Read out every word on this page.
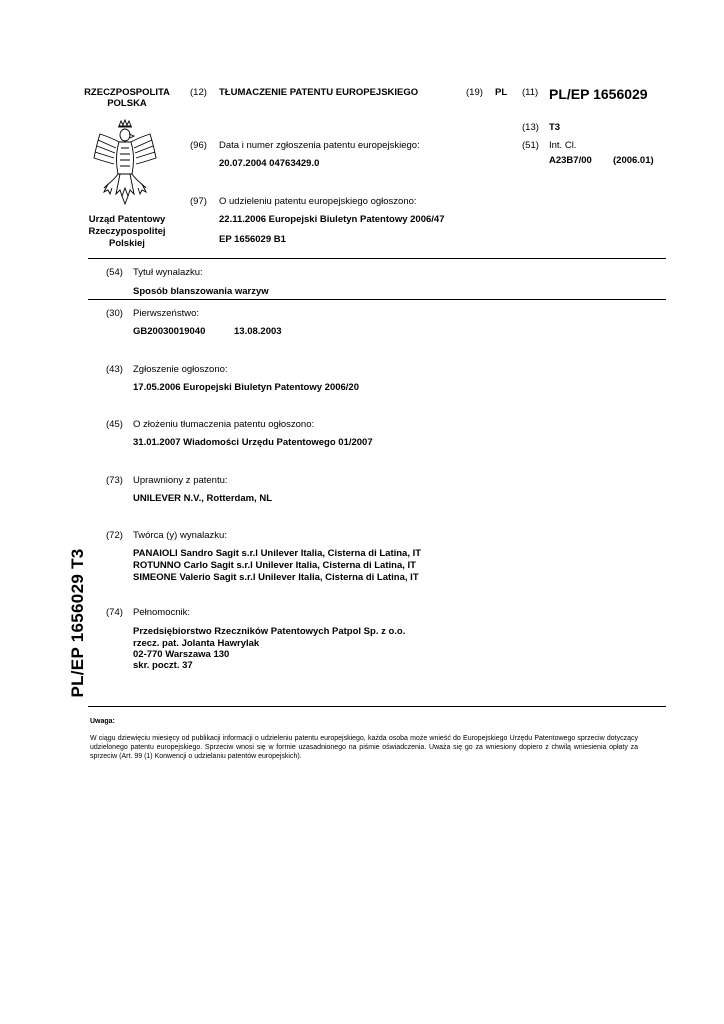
RZECZPOSPOLITA
POLSKA
Urząd Patentowy
Rzeczypospolitej
Polskiej
(12) TŁUMACZENIE PATENTU EUROPEJSKIEGO	(19) PL (11) PL/EP 1656029
(13) T3
(96) Data i numer zgłoszenia patentu europejskiego:
20.07.2004 04763429.0
(51) Int. Cl.
A23B7/00 (2006.01)
(97) O udzieleniu patentu europejskiego ogłoszono:
22.11.2006 Europejski Biuletyn Patentowy 2006/47
EP 1656029 B1
(54) Tytuł wynalazku:
Sposób blanszowania warzyw
(30) Pierwszeństwo:
GB20030019040	13.08.2003
(43) Zgłoszenie ogłoszono:
17.05.2006 Europejski Biuletyn Patentowy 2006/20
(45) O złożeniu tłumaczenia patentu ogłoszono:
31.01.2007 Wiadomości Urzędu Patentowego 01/2007
(73) Uprawniony z patentu:
UNILEVER N.V., Rotterdam, NL
(72) Twórca (y) wynalazku:
PANAIOLI Sandro Sagit s.r.l Unilever Italia, Cisterna di Latina, IT
ROTUNNO Carlo Sagit s.r.l Unilever Italia, Cisterna di Latina, IT
SIMEONE Valerio Sagit s.r.l Unilever Italia, Cisterna di Latina, IT
(74) Pełnomocnik:
Przedsiębiorstwo Rzeczników Patentowych Patpol Sp. z o.o.
rzecz. pat. Jolanta Hawrylak
02-770 Warszawa 130
skr. poczt. 37
PL/EP 1656029 T3
Uwaga:
W ciągu dziewięciu miesięcy od publikacji informacji o udzieleniu patentu europejskiego, każda osoba może wnieść do Europejskiego Urzędu Patentowego sprzeciw dotyczący udzielonego patentu europejskiego. Sprzeciw wnosi się w formie uzasadnionego na piśmie oświadczenia. Uważa się go za wniesiony dopiero z chwilą wniesienia opłaty za sprzeciw (Art. 99 (1) Konwencji o udzielaniu patentów europejskich).
